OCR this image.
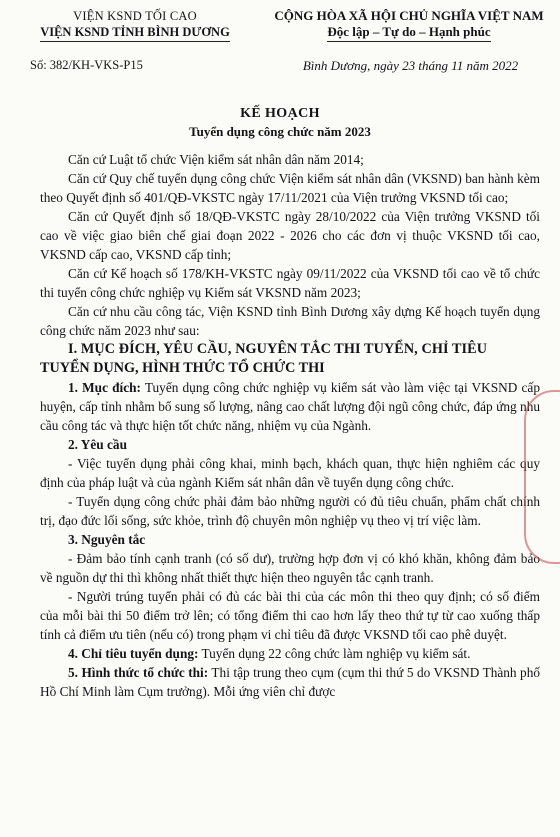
VIỆN KSND TỐI CAO
VIỆN KSND TỈNH BÌNH DƯƠNG
CỘNG HÒA XÃ HỘI CHỦ NGHĨA VIỆT NAM
Độc lập – Tự do – Hạnh phúc
Số: 382/KH-VKS-P15	Bình Dương, ngày 23 tháng 11 năm 2022
KẾ HOẠCH
Tuyển dụng công chức năm 2023

Căn cứ Luật tổ chức Viện kiểm sát nhân dân năm 2014;

Căn cứ Quy chế tuyển dụng công chức Viện kiểm sát nhân dân (VKSND) ban hành kèm theo Quyết định số 401/QĐ-VKSTC ngày 17/11/2021 của Viện trưởng VKSND tối cao;

Căn cứ Quyết định số 18/QĐ-VKSTC ngày 28/10/2022 của Viện trưởng VKSND tối cao về việc giao biên chế giai đoạn 2022 - 2026 cho các đơn vị thuộc VKSND tối cao, VKSND cấp cao, VKSND cấp tỉnh;

Căn cứ Kế hoạch số 178/KH-VKSTC ngày 09/11/2022 của VKSND tối cao về tổ chức thi tuyển công chức nghiệp vụ Kiểm sát VKSND năm 2023;

Căn cứ nhu cầu công tác, Viện KSND tỉnh Bình Dương xây dựng Kế hoạch tuyển dụng công chức năm 2023 như sau:

I. MỤC ĐÍCH, YÊU CẦU, NGUYÊN TẮC THI TUYỂN, CHỈ TIÊU

TUYỂN DỤNG, HÌNH THỨC TỔ CHỨC THI

1. Mục đích: Tuyển dụng công chức nghiệp vụ kiểm sát vào làm việc tại VKSND cấp huyện, cấp tỉnh nhằm bổ sung số lượng, nâng cao chất lượng đội ngũ công chức, đáp ứng nhu cầu công tác và thực hiện tốt chức năng, nhiệm vụ của Ngành.

2. Yêu cầu

- Việc tuyển dụng phải công khai, minh bạch, khách quan, thực hiện nghiêm các quy định của pháp luật và của ngành Kiểm sát nhân dân về tuyển dụng công chức.

- Tuyển dụng công chức phải đảm bảo những người có đủ tiêu chuẩn, phẩm chất chính trị, đạo đức lối sống, sức khỏe, trình độ chuyên môn nghiệp vụ theo vị trí việc làm.

3. Nguyên tắc

- Đảm bảo tính cạnh tranh (có số dư), trường hợp đơn vị có khó khăn, không đảm bảo về nguồn dự thi thì không nhất thiết thực hiện theo nguyên tắc cạnh tranh.

- Người trúng tuyển phải có đủ các bài thi của các môn thi theo quy định; có số điểm của mỗi bài thi 50 điểm trở lên; có tổng điểm thi cao hơn lấy theo thứ tự từ cao xuống thấp tính cả điểm ưu tiên (nếu có) trong phạm vi chỉ tiêu đã được VKSND tối cao phê duyệt.

4. Chỉ tiêu tuyển dụng: Tuyển dụng 22 công chức làm nghiệp vụ kiểm sát.

5. Hình thức tổ chức thi: Thi tập trung theo cụm (cụm thi thứ 5 do VKSND Thành phố Hồ Chí Minh làm Cụm trưởng). Mỗi ứng viên chỉ được
